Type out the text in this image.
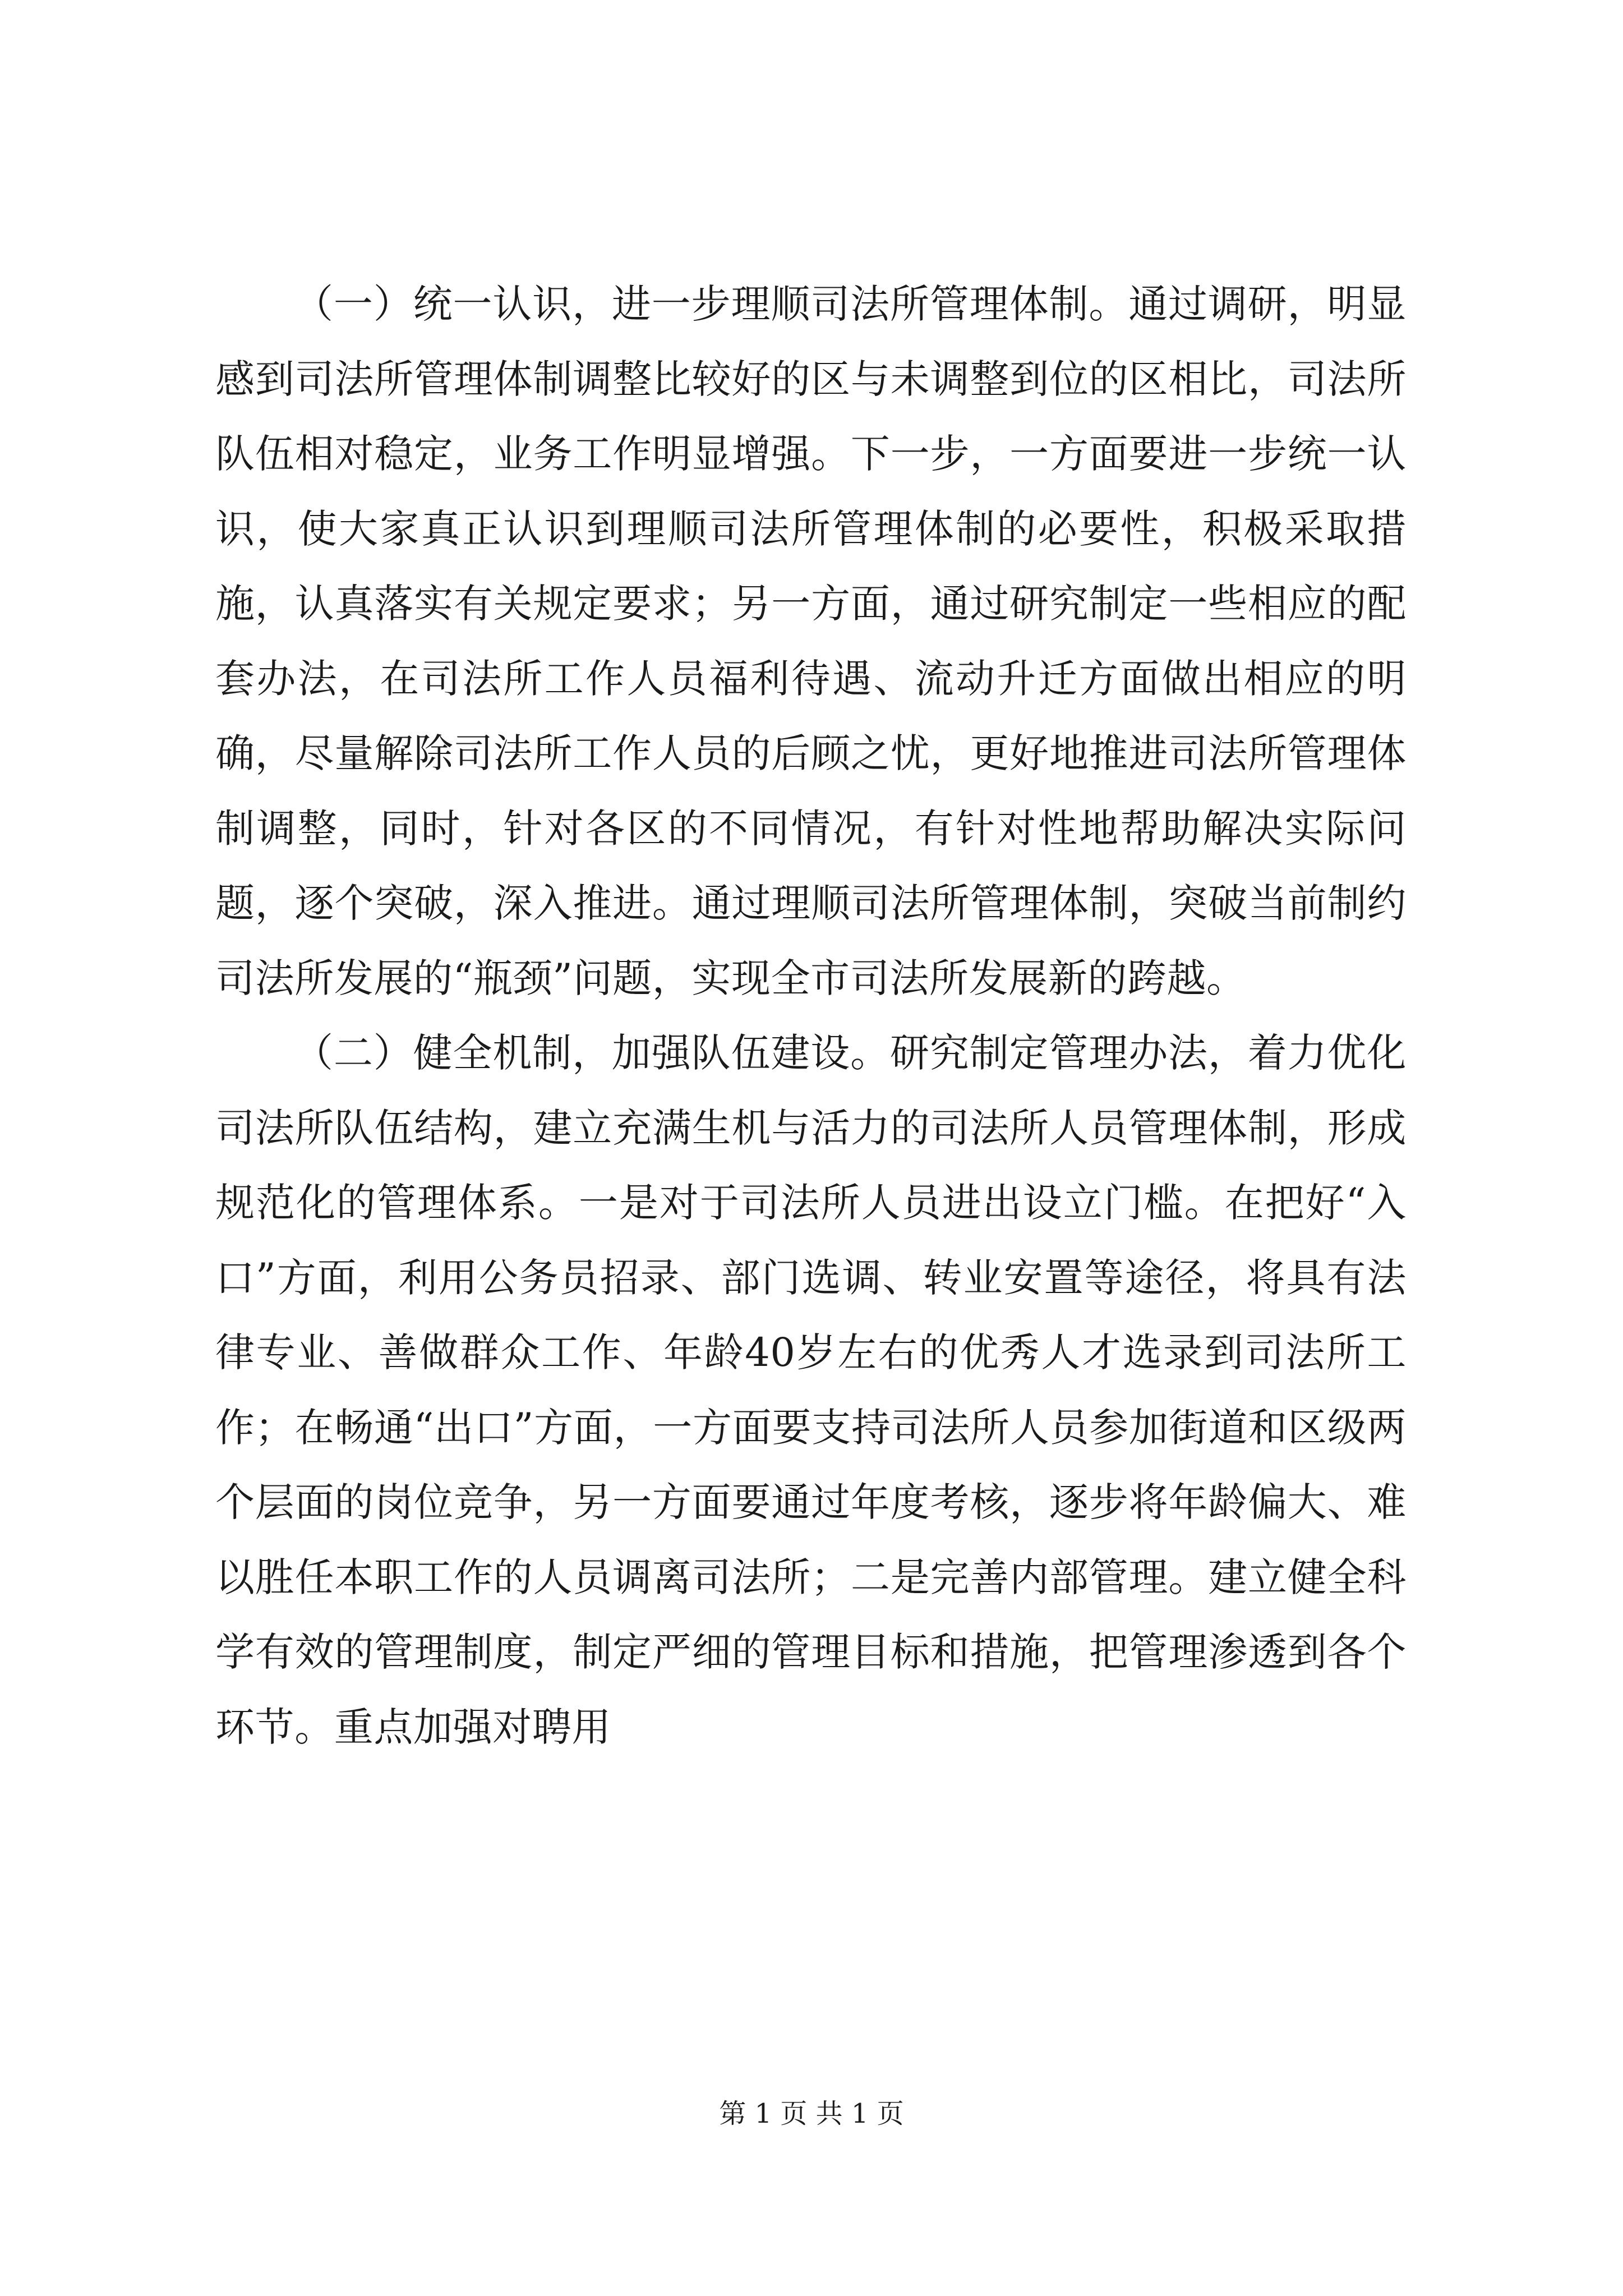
（一）统一认识，进一步理顺司法所管理体制。通过调研，明显感到司法所管理体制调整比较好的区与未调整到位的区相比，司法所队伍相对稳定，业务工作明显增强。下一步，一方面要进一步统一认识，使大家真正认识到理顺司法所管理体制的必要性，积极采取措施，认真落实有关规定要求；另一方面，通过研究制定一些相应的配套办法，在司法所工作人员福利待遇、流动升迁方面做出相应的明确，尽量解除司法所工作人员的后顾之忧，更好地推进司法所管理体制调整，同时，针对各区的不同情况，有针对性地帮助解决实际问题，逐个突破，深入推进。通过理顺司法所管理体制，突破当前制约司法所发展的“瓶颈”问题，实现全市司法所发展新的跨越。

（二）健全机制，加强队伍建设。研究制定管理办法，着力优化司法所队伍结构，建立充满生机与活力的司法所人员管理体制，形成规范化的管理体系。一是对于司法所人员进出设立门槛。在把好“入口”方面，利用公务员招录、部门选调、转业安置等途径，将具有法律专业、善做群众工作、年龄40岁左右的优秀人才选录到司法所工作；在畅通“出口”方面，一方面要支持司法所人员参加街道和区级两个层面的岗位竞争，另一方面要通过年度考核，逐步将年龄偏大、难以胜任本职工作的人员调离司法所；二是完善内部管理。建立健全科学有效的管理制度，制定严细的管理目标和措施，把管理渗透到各个环节。重点加强对聘用

第 1 页 共 1 页
